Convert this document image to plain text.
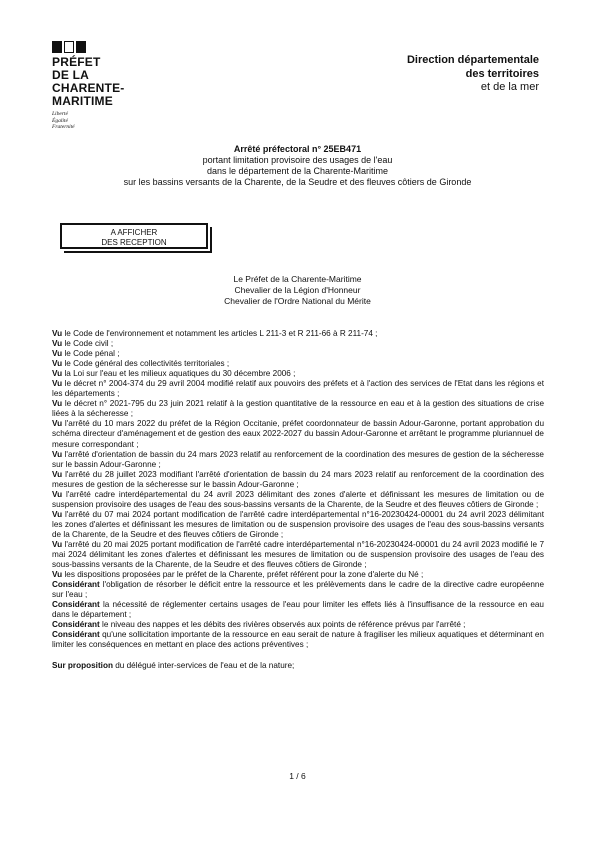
PRÉFET
DE LA
CHARENTE-
MARITIME
Liberté
Égalité
Fraternité
Direction départementale
des territoires
et de la mer
Arrêté préfectoral n° 25EB471
portant limitation provisoire des usages de l'eau
dans le département de la Charente-Maritime
sur les bassins versants de la Charente, de la Seudre et des fleuves côtiers de Gironde
A AFFICHER
DES RECEPTION
Le Préfet de la Charente-Maritime
Chevalier de la Légion d'Honneur
Chevalier de l'Ordre National du Mérite

Vu le Code de l'environnement et notamment les articles L 211-3 et R 211-66 à R 211-74 ;

Vu le Code civil ;

Vu le Code pénal ;

Vu le Code général des collectivités territoriales ;

Vu la Loi sur l'eau et les milieux aquatiques du 30 décembre 2006 ;

Vu le décret n° 2004-374 du 29 avril 2004 modifié relatif aux pouvoirs des préfets et à l'action des services de l'Etat dans les régions et les départements ;

Vu le décret n° 2021-795 du 23 juin 2021 relatif à la gestion quantitative de la ressource en eau et à la gestion des situations de crise liées à la sécheresse ;

Vu l'arrêté du 10 mars 2022 du préfet de la Région Occitanie, préfet coordonnateur de bassin Adour-Garonne, portant approbation du schéma directeur d'aménagement et de gestion des eaux 2022-2027 du bassin Adour-Garonne et arrêtant le programme pluriannuel de mesure correspondant ;

Vu l'arrêté d'orientation de bassin du 24 mars 2023 relatif au renforcement de la coordination des mesures de gestion de la sécheresse sur le bassin Adour-Garonne ;

Vu l'arrêté du 28 juillet 2023 modifiant l'arrêté d'orientation de bassin du 24 mars 2023 relatif au renforcement de la coordination des mesures de gestion de la sécheresse sur le bassin Adour-Garonne ;

Vu l'arrêté cadre interdépartemental du 24 avril 2023 délimitant des zones d'alerte et définissant les mesures de limitation ou de suspension provisoire des usages de l'eau des sous-bassins versants de la Charente, de la Seudre et des fleuves côtiers de Gironde ;

Vu l'arrêté du 07 mai 2024 portant modification de l'arrêté cadre interdépartemental n°16-20230424-00001 du 24 avril 2023 délimitant les zones d'alertes et définissant les mesures de limitation ou de suspension provisoire des usages de l'eau des sous-bassins versants de la Charente, de la Seudre et des fleuves côtiers de Gironde ;

Vu l'arrêté du 20 mai 2025 portant modification de l'arrêté cadre interdépartemental n°16-20230424-00001 du 24 avril 2023 modifié le 7 mai 2024 délimitant les zones d'alertes et définissant les mesures de limitation ou de suspension provisoire des usages de l'eau des sous-bassins versants de la Charente, de la Seudre et des fleuves côtiers de Gironde ;

Vu les dispositions proposées par le préfet de la Charente, préfet référent pour la zone d'alerte du Né ;

Considérant l'obligation de résorber le déficit entre la ressource et les prélèvements dans le cadre de la directive cadre européenne sur l'eau ;

Considérant la nécessité de réglementer certains usages de l'eau pour limiter les effets liés à l'insuffisance de la ressource en eau dans le département ;

Considérant le niveau des nappes et les débits des rivières observés aux points de référence prévus par l'arrêté ;

Considérant qu'une sollicitation importante de la ressource en eau serait de nature à fragiliser les milieux aquatiques et déterminant en limiter les conséquences en mettant en place des actions préventives ;

Sur proposition du délégué inter-services de l'eau et de la nature;

1 / 6
